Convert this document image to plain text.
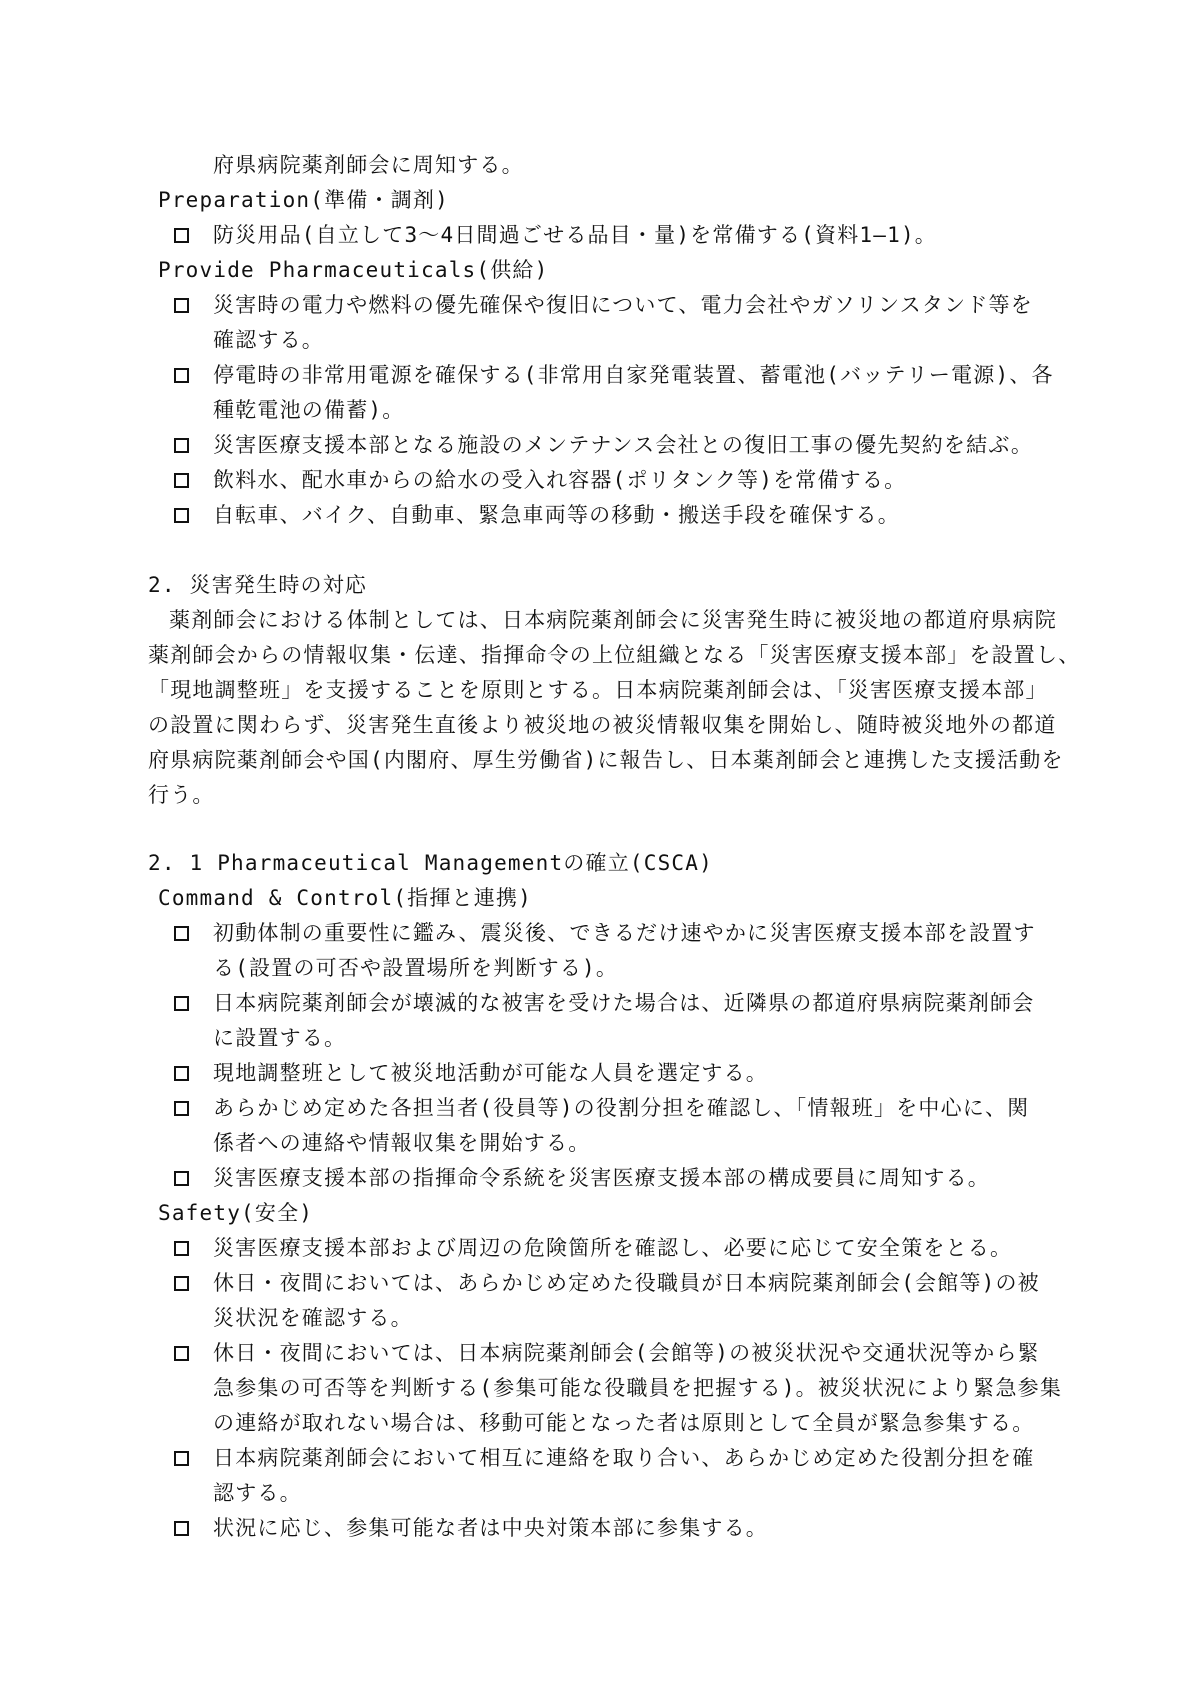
府県病院薬剤師会に周知する。
Preparation(準備・調剤)
防災用品(自立して3〜4日間過ごせる品目・量)を常備する(資料1―1)。
Provide Pharmaceuticals(供給)
災害時の電力や燃料の優先確保や復旧について、電力会社やガソリンスタンド等を
確認する。
停電時の非常用電源を確保する(非常用自家発電装置、蓄電池(バッテリー電源)、各
種乾電池の備蓄)。
災害医療支援本部となる施設のメンテナンス会社との復旧工事の優先契約を結ぶ。
飲料水、配水車からの給水の受入れ容器(ポリタンク等)を常備する。
自転車、バイク、自動車、緊急車両等の移動・搬送手段を確保する。
2. 災害発生時の対応
薬剤師会における体制としては、日本病院薬剤師会に災害発生時に被災地の都道府県病院
薬剤師会からの情報収集・伝達、指揮命令の上位組織となる「災害医療支援本部」を設置し、
「現地調整班」を支援することを原則とする。日本病院薬剤師会は、「災害医療支援本部」
の設置に関わらず、災害発生直後より被災地の被災情報収集を開始し、随時被災地外の都道
府県病院薬剤師会や国(内閣府、厚生労働省)に報告し、日本薬剤師会と連携した支援活動を
行う。
2. 1 Pharmaceutical Managementの確立(CSCA)
Command & Control(指揮と連携)
初動体制の重要性に鑑み、震災後、できるだけ速やかに災害医療支援本部を設置す
る(設置の可否や設置場所を判断する)。
日本病院薬剤師会が壊滅的な被害を受けた場合は、近隣県の都道府県病院薬剤師会
に設置する。
現地調整班として被災地活動が可能な人員を選定する。
あらかじめ定めた各担当者(役員等)の役割分担を確認し、「情報班」を中心に、関
係者への連絡や情報収集を開始する。
災害医療支援本部の指揮命令系統を災害医療支援本部の構成要員に周知する。
Safety(安全)
災害医療支援本部および周辺の危険箇所を確認し、必要に応じて安全策をとる。
休日・夜間においては、あらかじめ定めた役職員が日本病院薬剤師会(会館等)の被
災状況を確認する。
休日・夜間においては、日本病院薬剤師会(会館等)の被災状況や交通状況等から緊
急参集の可否等を判断する(参集可能な役職員を把握する)。被災状況により緊急参集
の連絡が取れない場合は、移動可能となった者は原則として全員が緊急参集する。
日本病院薬剤師会において相互に連絡を取り合い、あらかじめ定めた役割分担を確
認する。
状況に応じ、参集可能な者は中央対策本部に参集する。
